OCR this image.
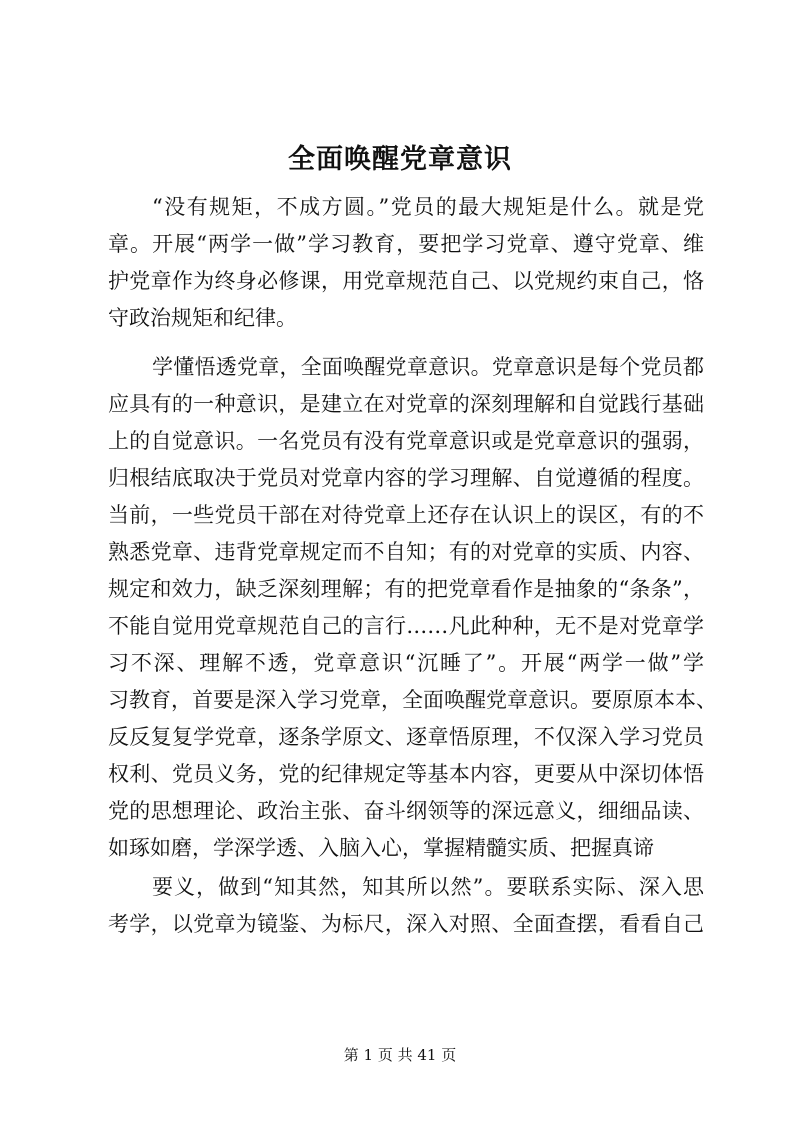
全面唤醒党章意识
“没有规矩，不成方圆。”党员的最大规矩是什么。就是党
章。开展“两学一做”学习教育，要把学习党章、遵守党章、维
护党章作为终身必修课，用党章规范自己、以党规约束自己，恪
守政治规矩和纪律。
学懂悟透党章，全面唤醒党章意识。党章意识是每个党员都
应具有的一种意识，是建立在对党章的深刻理解和自觉践行基础
上的自觉意识。一名党员有没有党章意识或是党章意识的强弱，
归根结底取决于党员对党章内容的学习理解、自觉遵循的程度。
当前，一些党员干部在对待党章上还存在认识上的误区，有的不
熟悉党章、违背党章规定而不自知；有的对党章的实质、内容、
规定和效力，缺乏深刻理解；有的把党章看作是抽象的“条条”，
不能自觉用党章规范自己的言行……凡此种种，无不是对党章学
习不深、理解不透，党章意识“沉睡了”。开展“两学一做”学
习教育，首要是深入学习党章，全面唤醒党章意识。要原原本本、
反反复复学党章，逐条学原文、逐章悟原理，不仅深入学习党员
权利、党员义务，党的纪律规定等基本内容，更要从中深切体悟
党的思想理论、政治主张、奋斗纲领等的深远意义，细细品读、
如琢如磨，学深学透、入脑入心，掌握精髓实质、把握真谛
要义，做到“知其然，知其所以然”。要联系实际、深入思
考学，以党章为镜鉴、为标尺，深入对照、全面查摆，看看自己
第 1 页 共 41 页
